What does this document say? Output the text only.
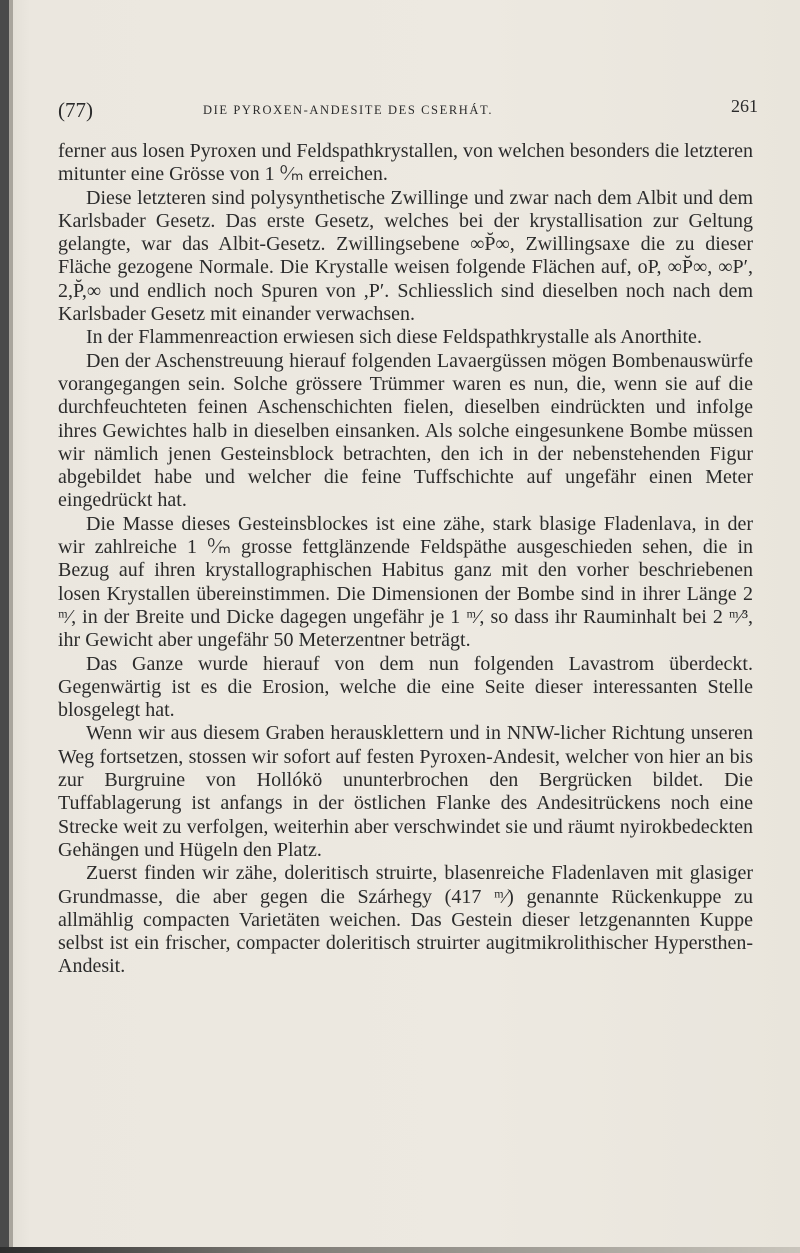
(77)	DIE PYROXEN-ANDESITE DES CSERHÁT.	261

ferner aus losen Pyroxen und Feldspathkrystallen, von welchen besonders die letzteren mitunter eine Grösse von 1 ⁰⁄ₘ erreichen.

Diese letzteren sind polysynthetische Zwillinge und zwar nach dem Albit und dem Karlsbader Gesetz. Das erste Gesetz, welches bei der krystallisation zur Geltung gelangte, war das Albit-Gesetz. Zwillingsebene ∞P̆∞, Zwillingsaxe die zu dieser Fläche gezogene Normale. Die Krystalle weisen folgende Flächen auf, oP, ∞P̆∞, ∞P′, 2,P̆,∞ und endlich noch Spuren von ,P′. Schliesslich sind dieselben noch nach dem Karlsbader Gesetz mit einander verwachsen.

In der Flammenreaction erwiesen sich diese Feldspathkrystalle als Anorthite.

Den der Aschenstreuung hierauf folgenden Lavaergüssen mögen Bombenauswürfe vorangegangen sein. Solche grössere Trümmer waren es nun, die, wenn sie auf die durchfeuchteten feinen Aschenschichten fielen, dieselben eindrückten und infolge ihres Gewichtes halb in dieselben einsanken. Als solche eingesunkene Bombe müssen wir nämlich jenen Gesteinsblock betrachten, den ich in der nebenstehenden Figur abgebildet habe und welcher die feine Tuffschichte auf ungefähr einen Meter eingedrückt hat.

Die Masse dieses Gesteinsblockes ist eine zähe, stark blasige Fladenlava, in der wir zahlreiche 1 ⁰⁄ₘ grosse fettglänzende Feldspäthe ausgeschieden sehen, die in Bezug auf ihren krystallographischen Habitus ganz mit den vorher beschriebenen losen Krystallen übereinstimmen. Die Dimensionen der Bombe sind in ihrer Länge 2 ᵐ⁄, in der Breite und Dicke dagegen ungefähr je 1 ᵐ⁄, so dass ihr Rauminhalt bei 2 ᵐ⁄³, ihr Gewicht aber ungefähr 50 Meterzentner beträgt.

Das Ganze wurde hierauf von dem nun folgenden Lavastrom überdeckt. Gegenwärtig ist es die Erosion, welche die eine Seite dieser interessanten Stelle blosgelegt hat.

Wenn wir aus diesem Graben herausklettern und in NNW-licher Richtung unseren Weg fortsetzen, stossen wir sofort auf festen Pyroxen-Andesit, welcher von hier an bis zur Burgruine von Hollókö ununterbrochen den Bergrücken bildet. Die Tuffablagerung ist anfangs in der östlichen Flanke des Andesitrückens noch eine Strecke weit zu verfolgen, weiterhin aber verschwindet sie und räumt nyirokbedeckten Gehängen und Hügeln den Platz.

Zuerst finden wir zähe, doleritisch struirte, blasenreiche Fladenlaven mit glasiger Grundmasse, die aber gegen die Szárhegy (417 ᵐ⁄) genannte Rückenkuppe zu allmählig compacten Varietäten weichen. Das Gestein dieser letzgenannten Kuppe selbst ist ein frischer, compacter doleritisch struirter augitmikrolithischer Hypersthen-Andesit.
